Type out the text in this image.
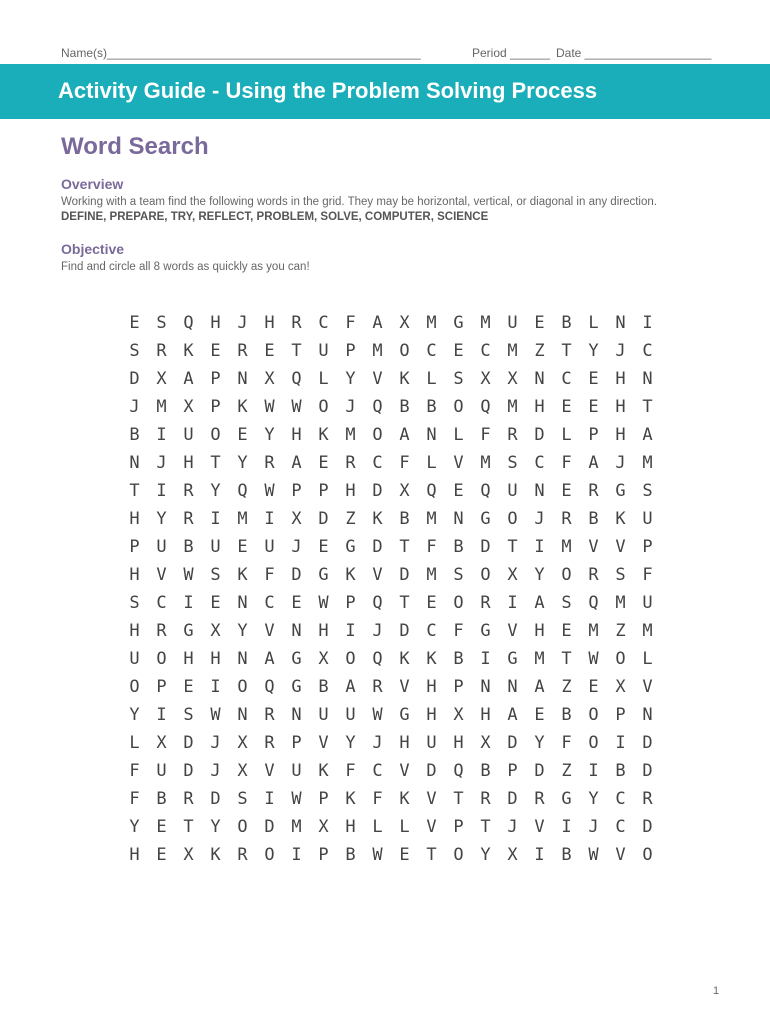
Name(s)_______________________________________________	Period ______ Date ___________________
Activity Guide - Using the Problem Solving Process
Word Search
Overview
Working with a team find the following words in the grid. They may be horizontal, vertical, or diagonal in any direction.
DEFINE, PREPARE, TRY, REFLECT, PROBLEM, SOLVE, COMPUTER, SCIENCE
Objective
Find and circle all 8 words as quickly as you can!
E S Q H J H R C F A X M G M U E B L N I
S R K E R E T U P M O C E C M Z T Y J C
D X A P N X Q L Y V K L S X X N C E H N
J M X P K W W O J Q B B O Q M H E E H T
B I U O E Y H K M O A N L F R D L P H A
N J H T Y R A E R C F L V M S C F A J M
T I R Y Q W P P H D X Q E Q U N E R G S
H Y R I M I X D Z K B M N G O J R B K U
P U B U E U J E G D T F B D T I M V V P
H V W S K F D G K V D M S O X Y O R S F
S C I E N C E W P Q T E O R I A S Q M U
H R G X Y V N H I J D C F G V H E M Z M
U O H H N A G X O Q K K B I G M T W O L
O P E I O Q G B A R V H P N N A Z E X V
Y I S W N R N U U W G H X H A E B O P N
L X D J X R P V Y J H U H X D Y F O I D
F U D J X V U K F C V D Q B P D Z I B D
F B R D S I W P K F K V T R D R G Y C R
Y E T Y O D M X H L L V P T J V I J C D
H E X K R O I P B W E T O Y X I B W V O
1
